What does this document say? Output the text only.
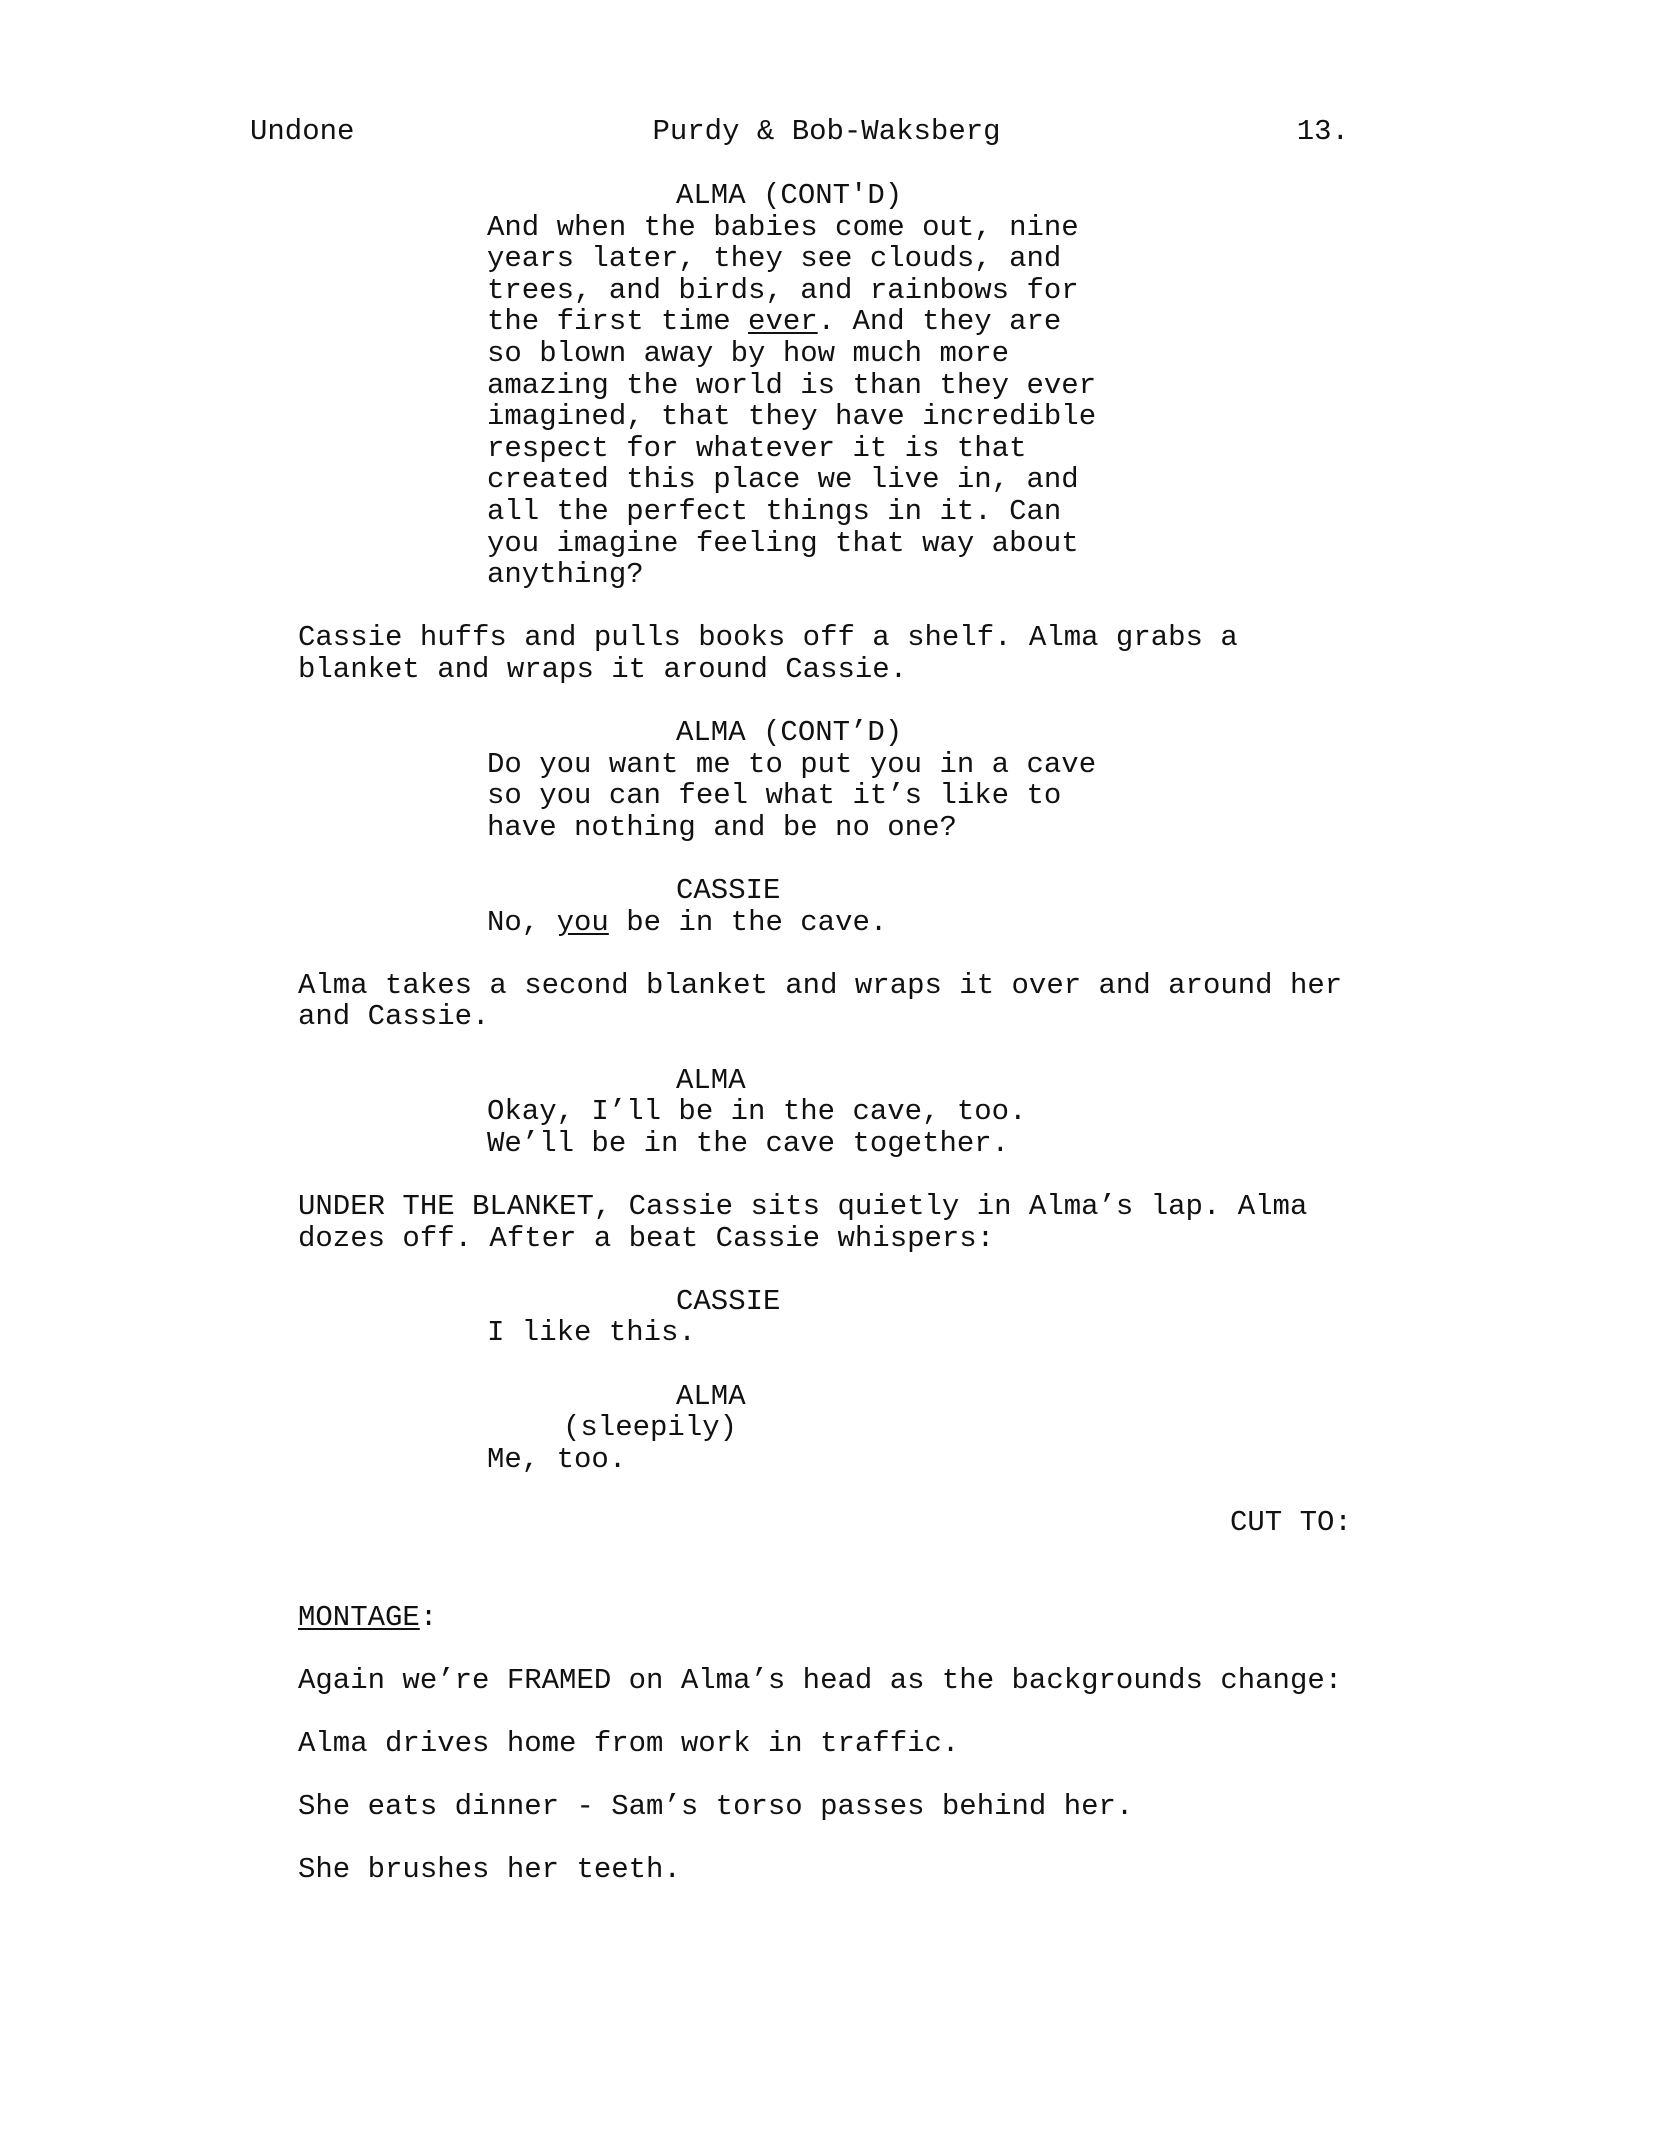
Undone	Purdy & Bob-Waksberg	13.
ALMA (CONT'D)
And when the babies come out, nine
years later, they see clouds, and
trees, and birds, and rainbows for
the first time ever. And they are
so blown away by how much more
amazing the world is than they ever
imagined, that they have incredible
respect for whatever it is that
created this place we live in, and
all the perfect things in it. Can
you imagine feeling that way about
anything?
Cassie huffs and pulls books off a shelf. Alma grabs a
blanket and wraps it around Cassie.
ALMA (CONT’D)
Do you want me to put you in a cave
so you can feel what it’s like to
have nothing and be no one?
CASSIE
No, you be in the cave.
Alma takes a second blanket and wraps it over and around her
and Cassie.
ALMA
Okay, I’ll be in the cave, too.
We’ll be in the cave together.
UNDER THE BLANKET, Cassie sits quietly in Alma’s lap. Alma
dozes off. After a beat Cassie whispers:
CASSIE
I like this.
ALMA
(sleepily)
Me, too.
CUT TO:
MONTAGE:
Again we’re FRAMED on Alma’s head as the backgrounds change:
Alma drives home from work in traffic.
She eats dinner - Sam’s torso passes behind her.
She brushes her teeth.
